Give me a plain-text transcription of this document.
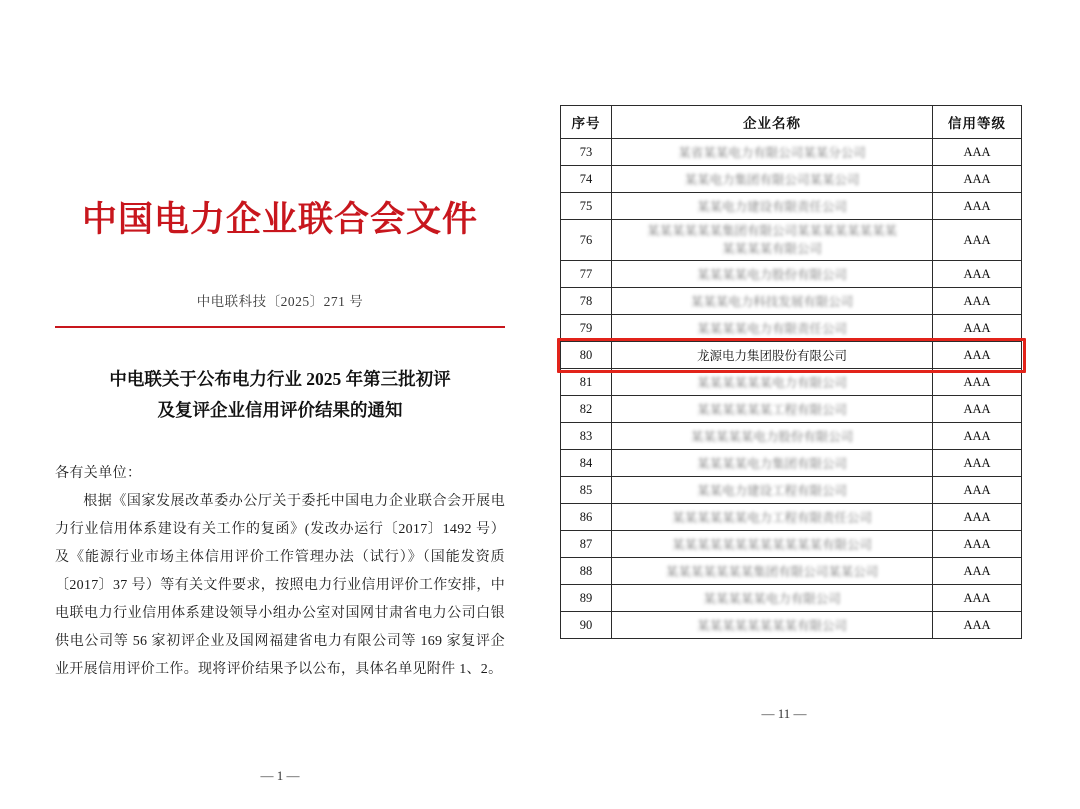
中国电力企业联合会文件
中电联科技〔2025〕271 号
中电联关于公布电力行业 2025 年第三批初评
及复评企业信用评价结果的通知
各有关单位：
根据《国家发展改革委办公厅关于委托中国电力企业联合会开展电力行业信用体系建设有关工作的复函》(发改办运行〔2017〕1492 号）及《能源行业市场主体信用评价工作管理办法（试行）》（国能发资质〔2017〕37 号）等有关文件要求，按照电力行业信用评价工作安排，中电联电力行业信用体系建设领导小组办公室对国网甘肃省电力公司白银供电公司等 56 家初评企业及国网福建省电力有限公司等 169 家复评企业开展信用评价工作。现将评价结果予以公布，具体名单见附件 1、2。
— 1 —
序号	企业名称	信用等级
73	某省某某电力有限公司某某分公司	AAA
74	某某电力集团有限公司某某公司	AAA
75	某某电力建设有限责任公司	AAA
76	某某某某某某集团有限公司某某某某某某某某
某某某某有限公司	AAA
77	某某某某电力股份有限公司	AAA
78	某某某电力科技发展有限公司	AAA
79	某某某某电力有限责任公司	AAA
80	龙源电力集团股份有限公司	AAA
81	某某某某某某电力有限公司	AAA
82	某某某某某某工程有限公司	AAA
83	某某某某某电力股份有限公司	AAA
84	某某某某电力集团有限公司	AAA
85	某某电力建设工程有限公司	AAA
86	某某某某某某电力工程有限责任公司	AAA
87	某某某某某某某某某某某某有限公司	AAA
88	某某某某某某某集团有限公司某某公司	AAA
89	某某某某某电力有限公司	AAA
90	某某某某某某某某有限公司	AAA
— 11 —
